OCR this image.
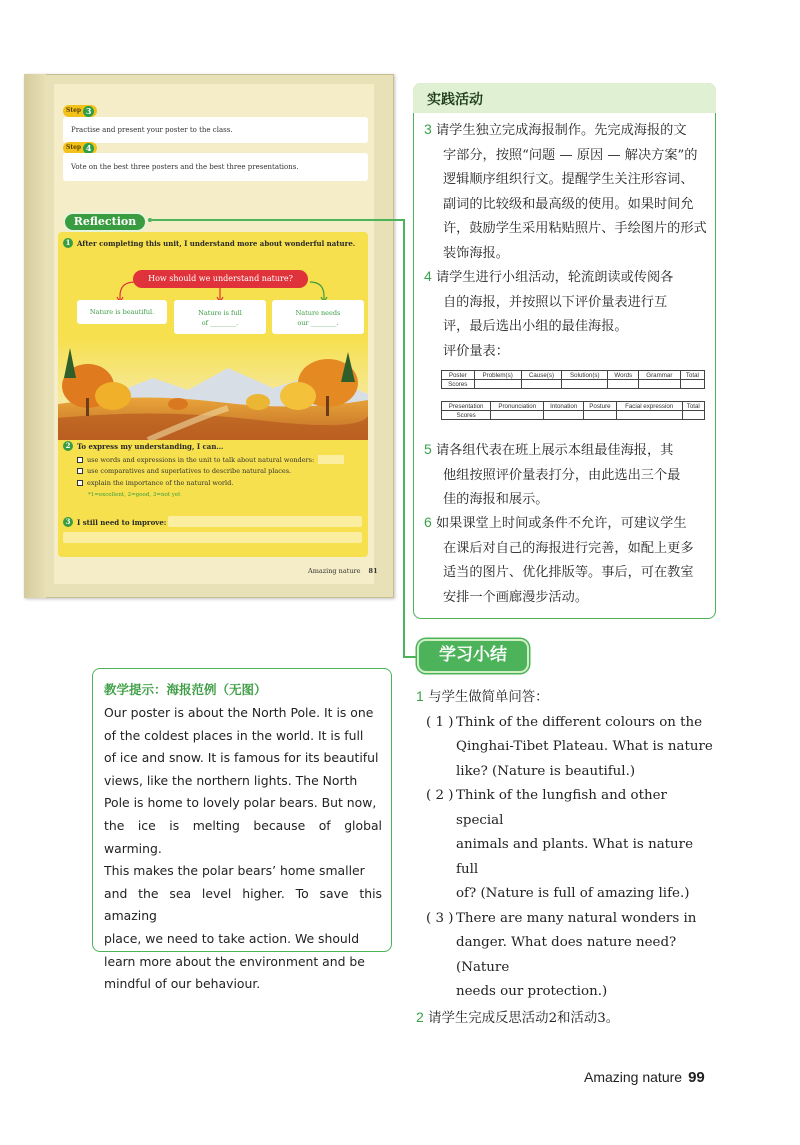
Step 3
Practise and present your poster to the class.
Step 4
Vote on the best three posters and the best three presentations.
Reflection
1 After completing this unit, I understand more about wonderful nature.
How should we understand nature?
Nature is beautiful.	Nature is full
of ________.
Nature needs
our ________.
2 To express my understanding, I can…
use words and expressions in the unit to talk about natural wonders:
use comparatives and superlatives to describe natural places.
explain the importance of the natural world.
*1=excellent, 2=good, 3=not yet
3 I still need to improve:
Amazing nature 81
实践活动
3 请学生独立完成海报制作。先完成海报的文
字部分，按照“问题 — 原因 — 解决方案”的
逻辑顺序组织行文。提醒学生关注形容词、
副词的比较级和最高级的使用。如果时间允
许，鼓励学生采用粘贴照片、手绘图片的形式
装饰海报。
4 请学生进行小组活动，轮流朗读或传阅各
自的海报，并按照以下评价量表进行互
评，最后选出小组的最佳海报。
评价量表：
Poster	Problem(s)	Cause(s)	Solution(s)	Words	Grammar	Total
Scores						
Presentation	Pronunciation	Intonation	Posture	Facial expression	Total
Scores					
5 请各组代表在班上展示本组最佳海报，其
他组按照评价量表打分，由此选出三个最
佳的海报和展示。
6 如果课堂上时间或条件不允许，可建议学生
在课后对自己的海报进行完善，如配上更多
适当的图片、优化排版等。事后，可在教室
安排一个画廊漫步活动。
学习小结
1 与学生做简单问答：
( 1 ) Think of the different colours on the
Qinghai-Tibet Plateau. What is nature
like? (Nature is beautiful.)
( 2 ) Think of the lungfish and other special
animals and plants. What is nature full
of? (Nature is full of amazing life.)
( 3 ) There are many natural wonders in
danger. What does nature need? (Nature
needs our protection.)
2 请学生完成反思活动2和活动3。
教学提示：海报范例（无图）
Our poster is about the North Pole. It is one
of the coldest places in the world. It is full
of ice and snow. It is famous for its beautiful
views, like the northern lights. The North
Pole is home to lovely polar bears. But now,
the ice is melting because of global warming.
This makes the polar bears’ home smaller
and the sea level higher. To save this amazing
place, we need to take action. We should
learn more about the environment and be
mindful of our behaviour.
Amazing nature 99
